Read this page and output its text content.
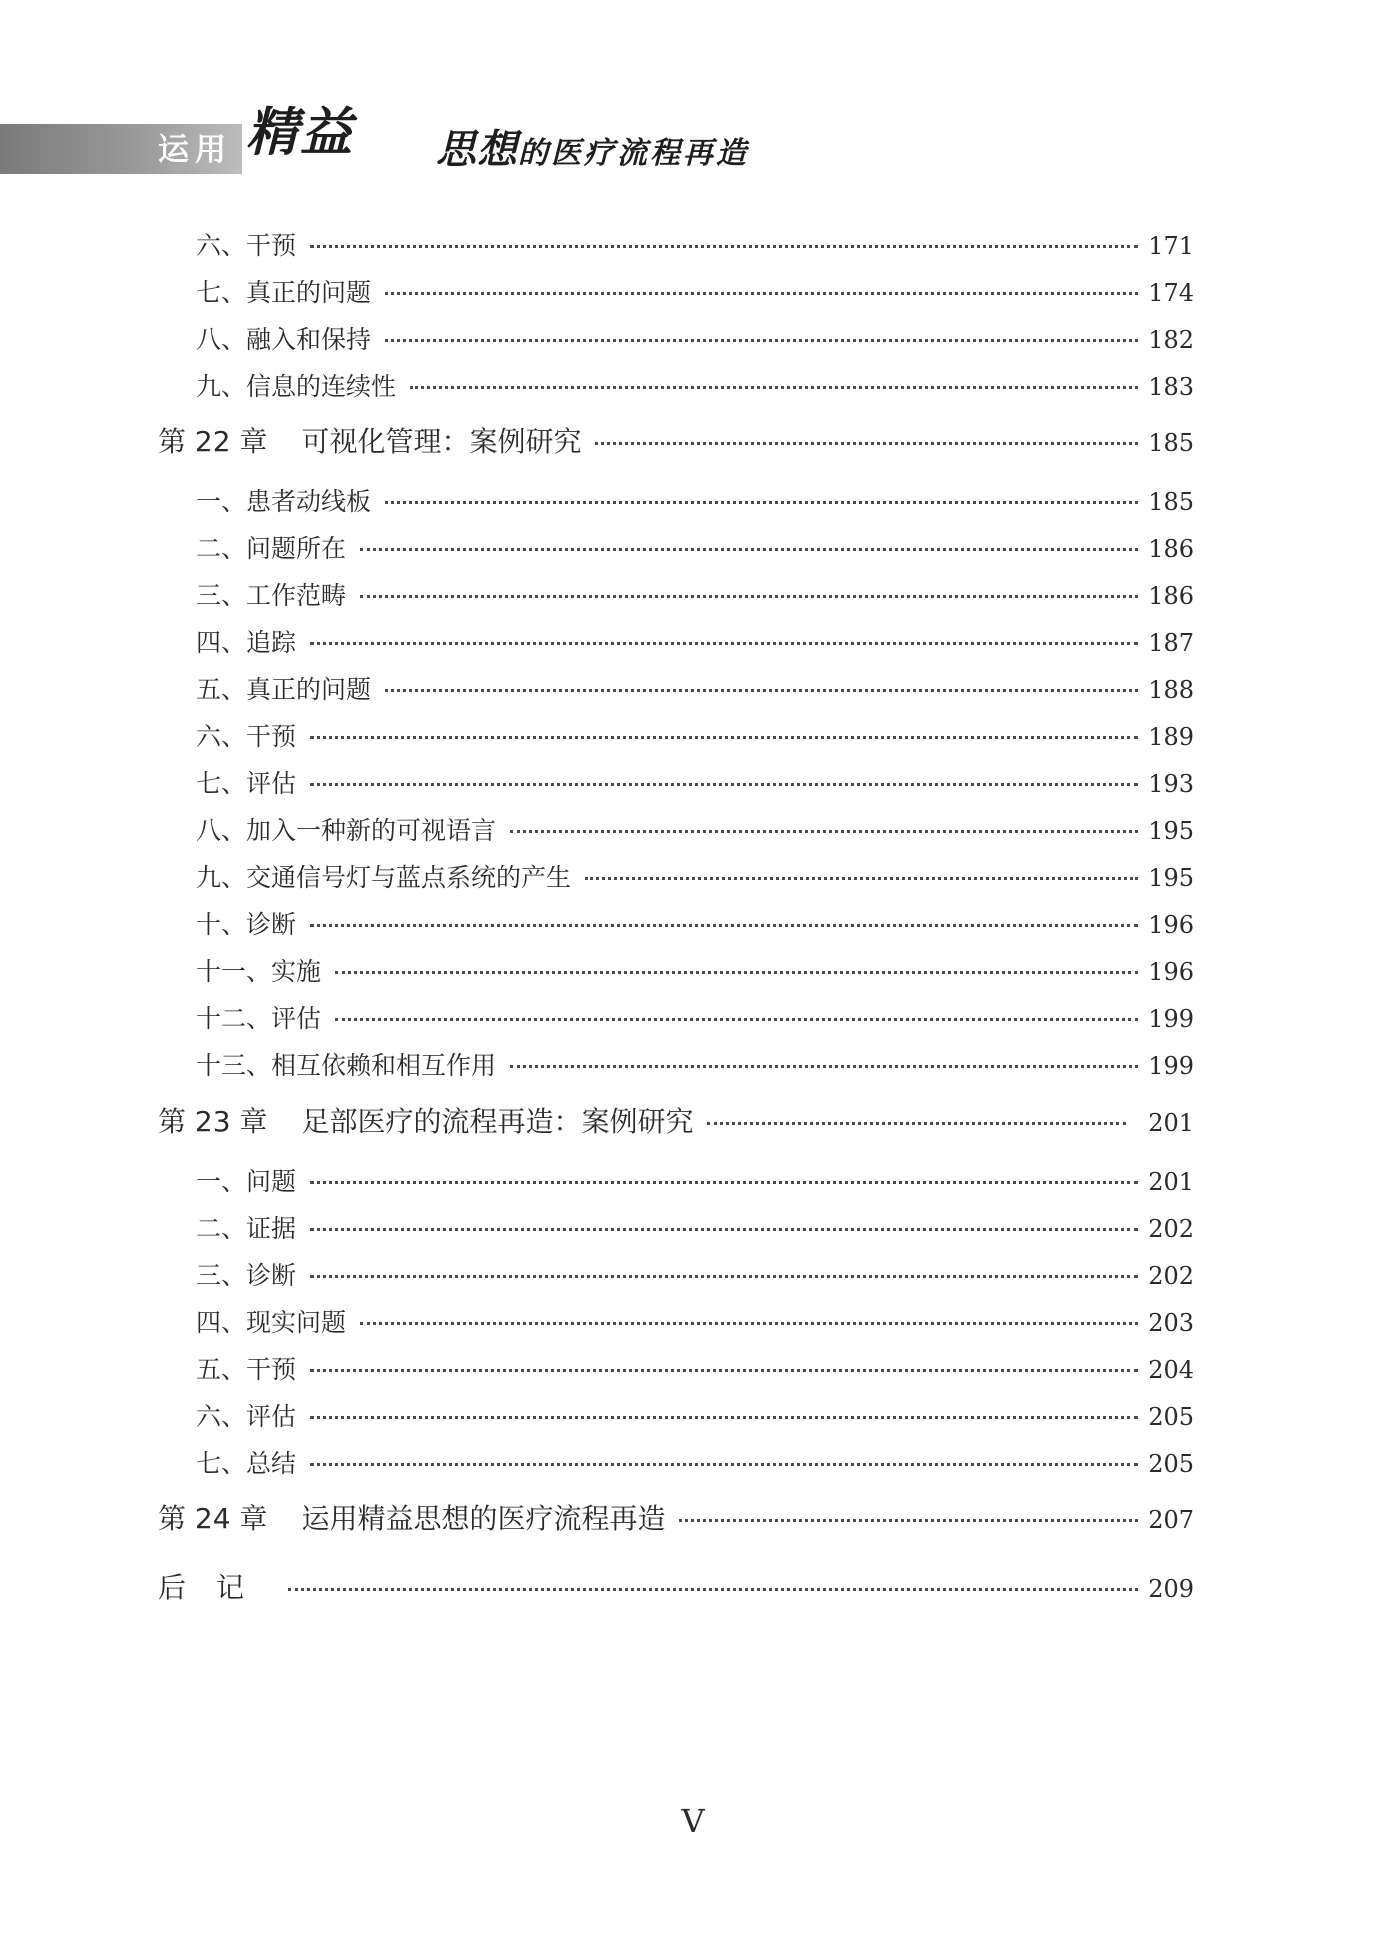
运用 精益 思想的医疗流程再造
六、干预	171
七、真正的问题	174
八、融入和保持	182
九、信息的连续性	183
第 22 章 可视化管理：案例研究	185
一、患者动线板	185
二、问题所在	186
三、工作范畴	186
四、追踪	187
五、真正的问题	188
六、干预	189
七、评估	193
八、加入一种新的可视语言	195
九、交通信号灯与蓝点系统的产生	195
十、诊断	196
十一、实施	196
十二、评估	199
十三、相互依赖和相互作用	199
第 23 章 足部医疗的流程再造：案例研究	201
一、问题	201
二、证据	202
三、诊断	202
四、现实问题	203
五、干预	204
六、评估	205
七、总结	205
第 24 章 运用精益思想的医疗流程再造	207
后记	209
V
